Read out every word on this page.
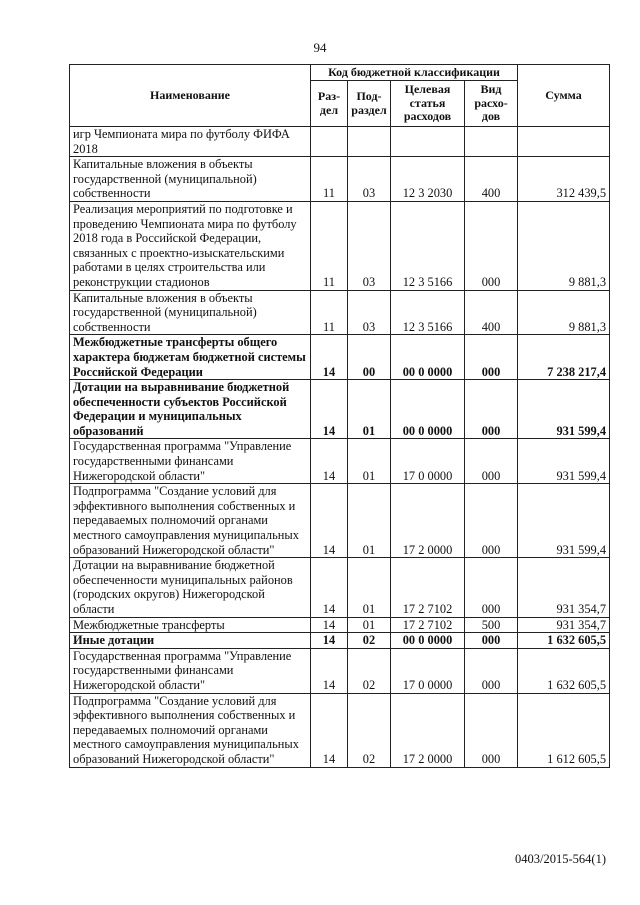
94
Наименование	Код бюджетной классификации				Сумма
	Раз-дел	Под-раздел	Целевая статья расходов	Вид расхо-дов	
игр Чемпионата мира по футболу ФИФА 2018					
Капитальные вложения в объекты государственной (муниципальной) собственности	11	03	12 3 2030	400	312 439,5
Реализация мероприятий по подготовке и проведению Чемпионата мира по футболу 2018 года в Российской Федерации, связанных с проектно-изыскательскими работами в целях строительства или реконструкции стадионов	11	03	12 3 5166	000	9 881,3
Капитальные вложения в объекты государственной (муниципальной) собственности	11	03	12 3 5166	400	9 881,3
Межбюджетные трансферты общего характера бюджетам бюджетной системы Российской Федерации	14	00	00 0 0000	000	7 238 217,4
Дотации на выравнивание бюджетной обеспеченности субъектов Российской Федерации и муниципальных образований	14	01	00 0 0000	000	931 599,4
Государственная программа "Управление государственными финансами Нижегородской области"	14	01	17 0 0000	000	931 599,4
Подпрограмма "Создание условий для эффективного выполнения собственных и передаваемых полномочий органами местного самоуправления муниципальных образований Нижегородской области"	14	01	17 2 0000	000	931 599,4
Дотации на выравнивание бюджетной обеспеченности муниципальных районов (городских округов) Нижегородской области	14	01	17 2 7102	000	931 354,7
Межбюджетные трансферты	14	01	17 2 7102	500	931 354,7
Иные дотации	14	02	00 0 0000	000	1 632 605,5
Государственная программа "Управление государственными финансами Нижегородской области"	14	02	17 0 0000	000	1 632 605,5
Подпрограмма "Создание условий для эффективного выполнения собственных и передаваемых полномочий органами местного самоуправления муниципальных образований Нижегородской области"	14	02	17 2 0000	000	1 612 605,5
0403/2015-564(1)
